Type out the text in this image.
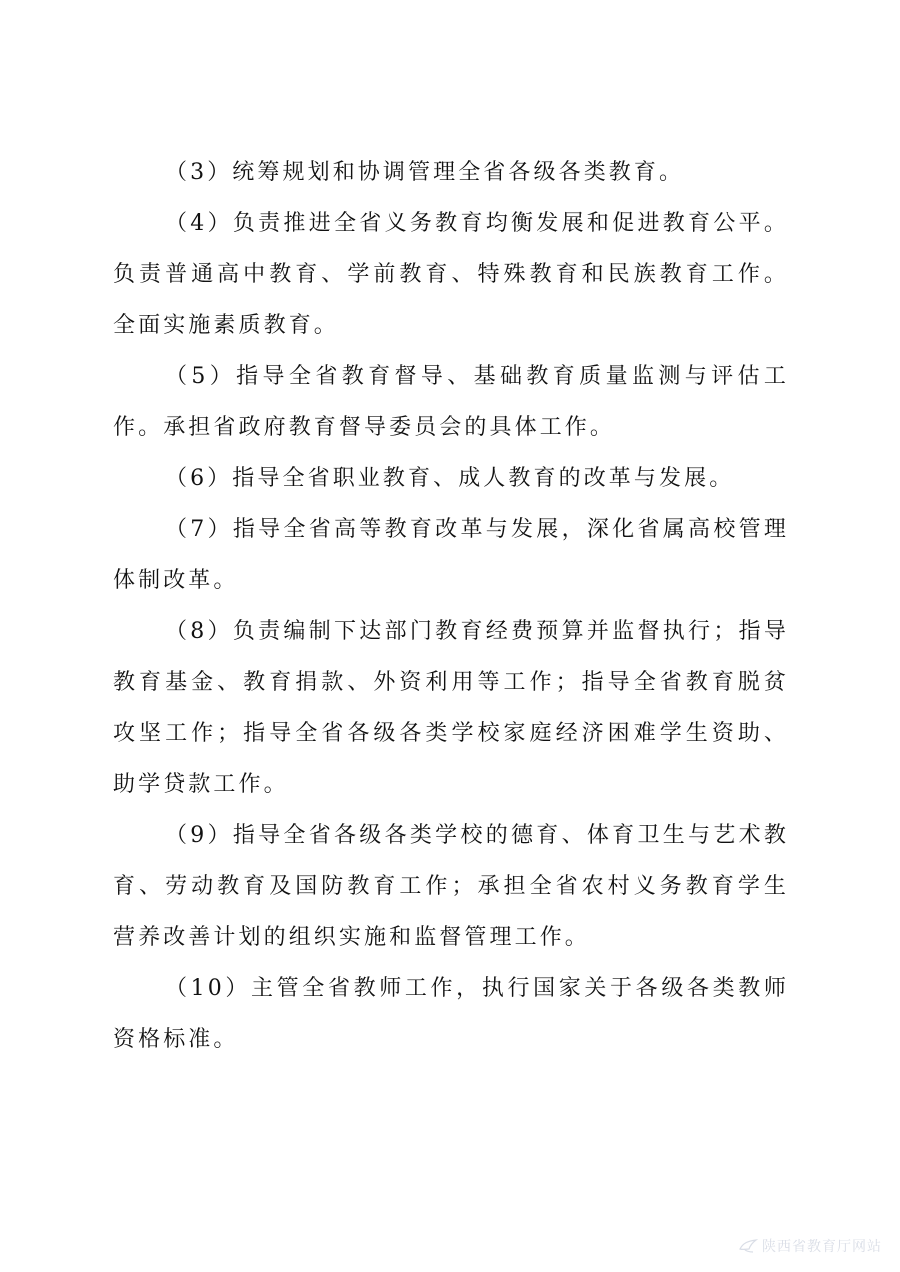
（3）统筹规划和协调管理全省各级各类教育。

（4）负责推进全省义务教育均衡发展和促进教育公平。负责普通高中教育、学前教育、特殊教育和民族教育工作。全面实施素质教育。

（5）指导全省教育督导、基础教育质量监测与评估工作。承担省政府教育督导委员会的具体工作。

（6）指导全省职业教育、成人教育的改革与发展。

（7）指导全省高等教育改革与发展，深化省属高校管理体制改革。

（8）负责编制下达部门教育经费预算并监督执行；指导教育基金、教育捐款、外资利用等工作；指导全省教育脱贫攻坚工作；指导全省各级各类学校家庭经济困难学生资助、助学贷款工作。

（9）指导全省各级各类学校的德育、体育卫生与艺术教育、劳动教育及国防教育工作；承担全省农村义务教育学生营养改善计划的组织实施和监督管理工作。

（10）主管全省教师工作，执行国家关于各级各类教师资格标准。

陕西省教育厅网站
